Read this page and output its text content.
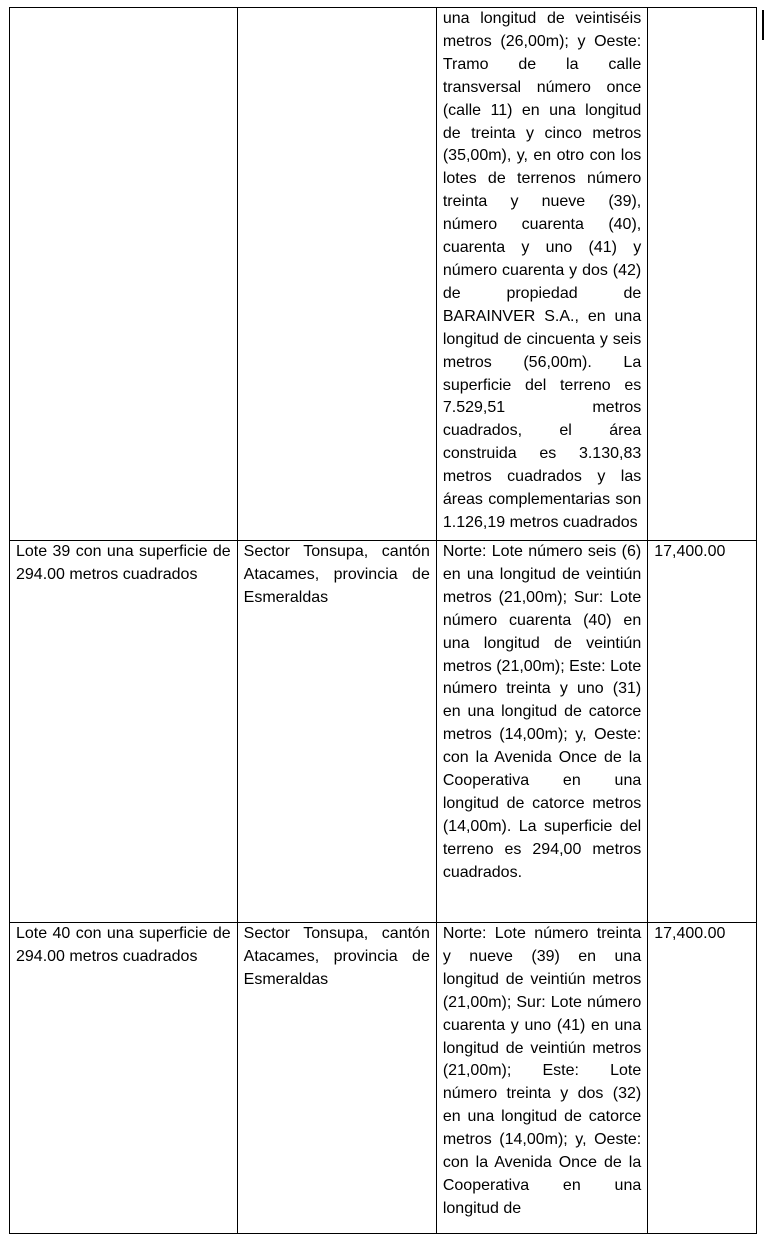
		una longitud de veintiséis metros (26,00m); y Oeste: Tramo de la calle transversal número once (calle 11) en una longitud de treinta y cinco metros (35,00m), y, en otro con los lotes de terrenos número treinta y nueve (39), número cuarenta (40), cuarenta y uno (41) y número cuarenta y dos (42) de propiedad de BARAINVER S.A., en una longitud de cincuenta y seis metros (56,00m). La superficie del terreno es 7.529,51 metros cuadrados, el área construida es 3.130,83 metros cuadrados y las áreas complementarias son 1.126,19 metros cuadrados	
Lote 39 con una superficie de 294.00 metros cuadrados	Sector Tonsupa, cantón Atacames, provincia de Esmeraldas	Norte: Lote número seis (6) en una longitud de veintiún metros (21,00m); Sur: Lote número cuarenta (40) en una longitud de veintiún metros (21,00m); Este: Lote número treinta y uno (31) en una longitud de catorce metros (14,00m); y, Oeste: con la Avenida Once de la Cooperativa en una longitud de catorce metros (14,00m). La superficie del terreno es 294,00 metros cuadrados.	17,400.00
Lote 40 con una superficie de 294.00 metros cuadrados	Sector Tonsupa, cantón Atacames, provincia de Esmeraldas	Norte: Lote número treinta y nueve (39) en una longitud de veintiún metros (21,00m); Sur: Lote número cuarenta y uno (41) en una longitud de veintiún metros (21,00m); Este: Lote número treinta y dos (32) en una longitud de catorce metros (14,00m); y, Oeste: con la Avenida Once de la Cooperativa en una longitud de	17,400.00
